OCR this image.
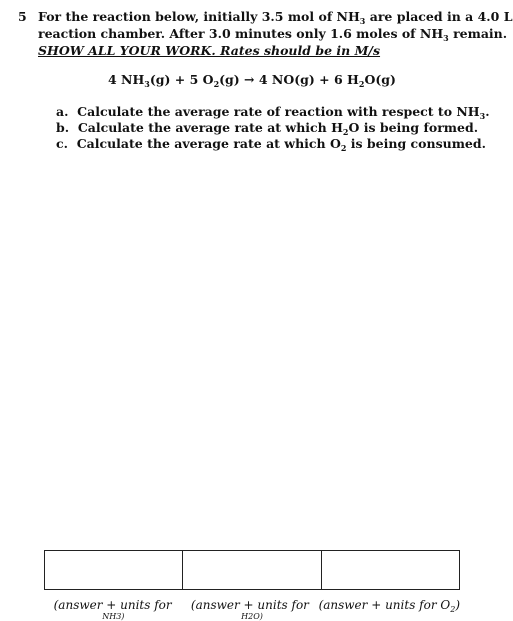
5 For the reaction below, initially 3.5 mol of $NH_3$ are placed in a 4.0 L
reaction chamber. After 3.0 minutes only 1.6 moles of $NH_3$ remain.
SHOW ALL YOUR WORK. Rates should be in M/s
4 $NH_3(g) + 5$ $O_2(g) \to 4$ NO(g) + 6 $H_2O(g)$
a. Calculate the average rate of reaction with respect to $NH_3$.
b. Calculate the average rate at which $H_2O$ is being formed.
c. Calculate the average rate at which $O_2$ is being consumed.
(answer + units for	(answer + units for (answer + units for $O_2$)
NH3)	H2O)
